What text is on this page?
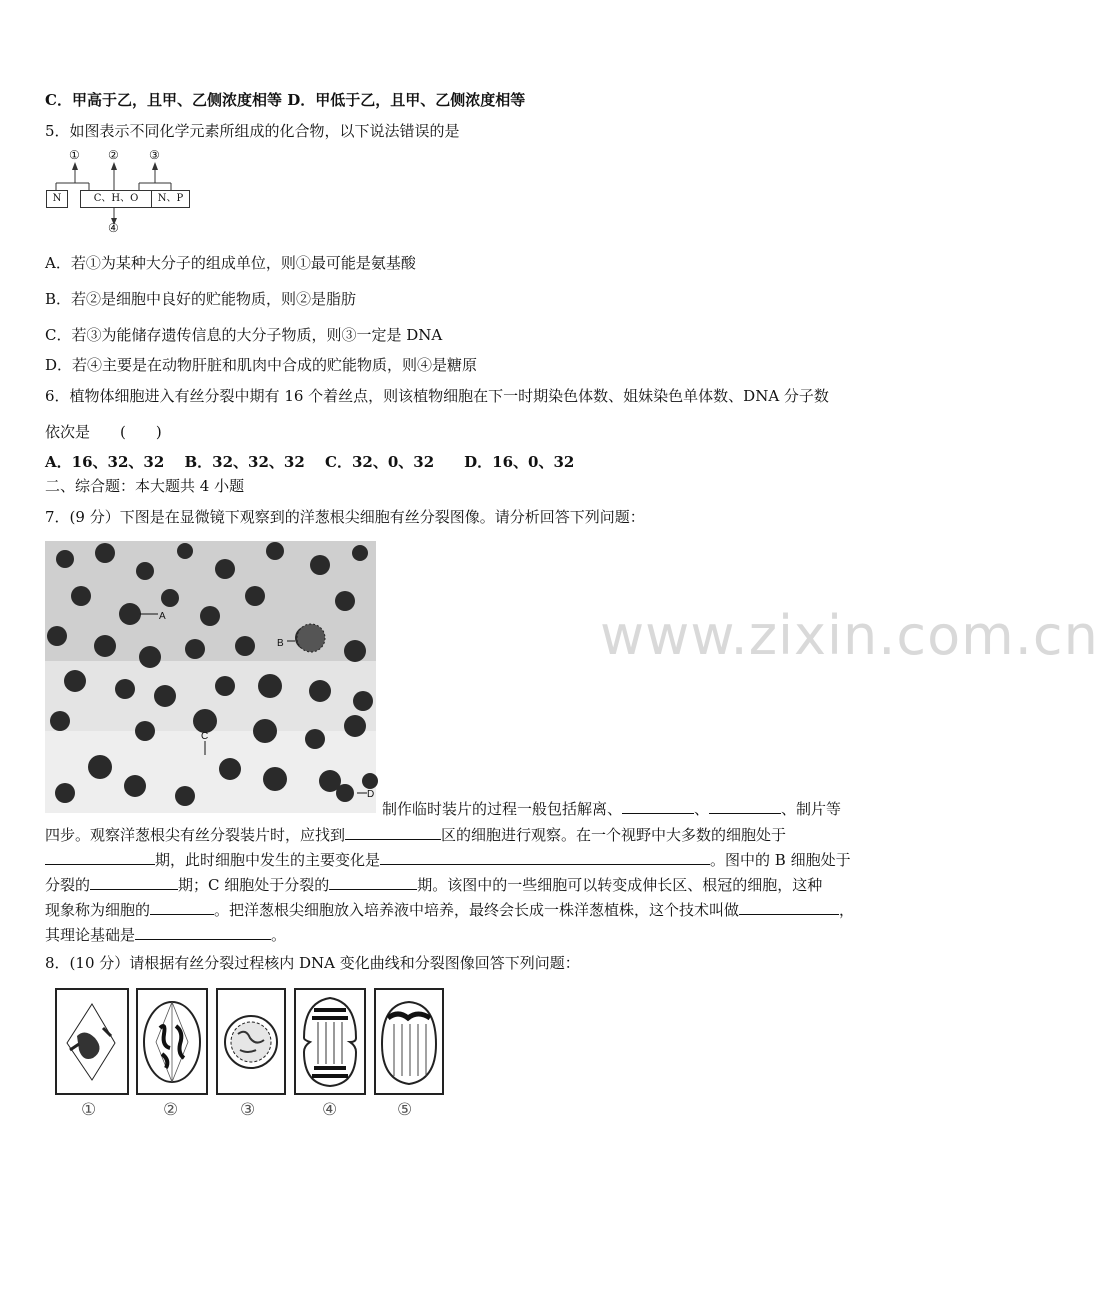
C．甲高于乙，且甲、乙侧浓度相等 D．甲低于乙，且甲、乙侧浓度相等
5．如图表示不同化学元素所组成的化合物，以下说法错误的是
① ②	③
④
N	C、H、O	N、P
A．若①为某种大分子的组成单位，则①最可能是氨基酸
B．若②是细胞中良好的贮能物质，则②是脂肪
C．若③为能储存遗传信息的大分子物质，则③一定是 DNA
D．若④主要是在动物肝脏和肌肉中合成的贮能物质，则④是糖原
6．植物体细胞进入有丝分裂中期有 16 个着丝点，则该植物细胞在下一时期染色体数、姐妹染色单体数、DNA 分子数
依次是　　(　　)
A．16、32、32　 B．32、32、32　 C．32、0、32　　D．16、0、32
二、综合题：本大题共 4 小题
7．(9 分）下图是在显微镜下观察到的洋葱根尖细胞有丝分裂图像。请分析回答下列问题：
A
B
C
D
制作临时装片的过程一般包括解离、	、	、制片等
四步。观察洋葱根尖有丝分裂装片时，应找到	区的细胞进行观察。在一个视野中大多数的细胞处于
期，此时细胞中发生的主要变化是	。图中的 B 细胞处于
分裂的	期；C 细胞处于分裂的	期。该图中的一些细胞可以转变成伸长区、根冠的细胞，这种
现象称为细胞的	。把洋葱根尖细胞放入培养液中培养，最终会长成一株洋葱植株，这个技术叫做	，
其理论基础是	。
8．(10 分）请根据有丝分裂过程核内 DNA 变化曲线和分裂图像回答下列问题：
①	②	③	④	⑤
www.zixin.com.cn
